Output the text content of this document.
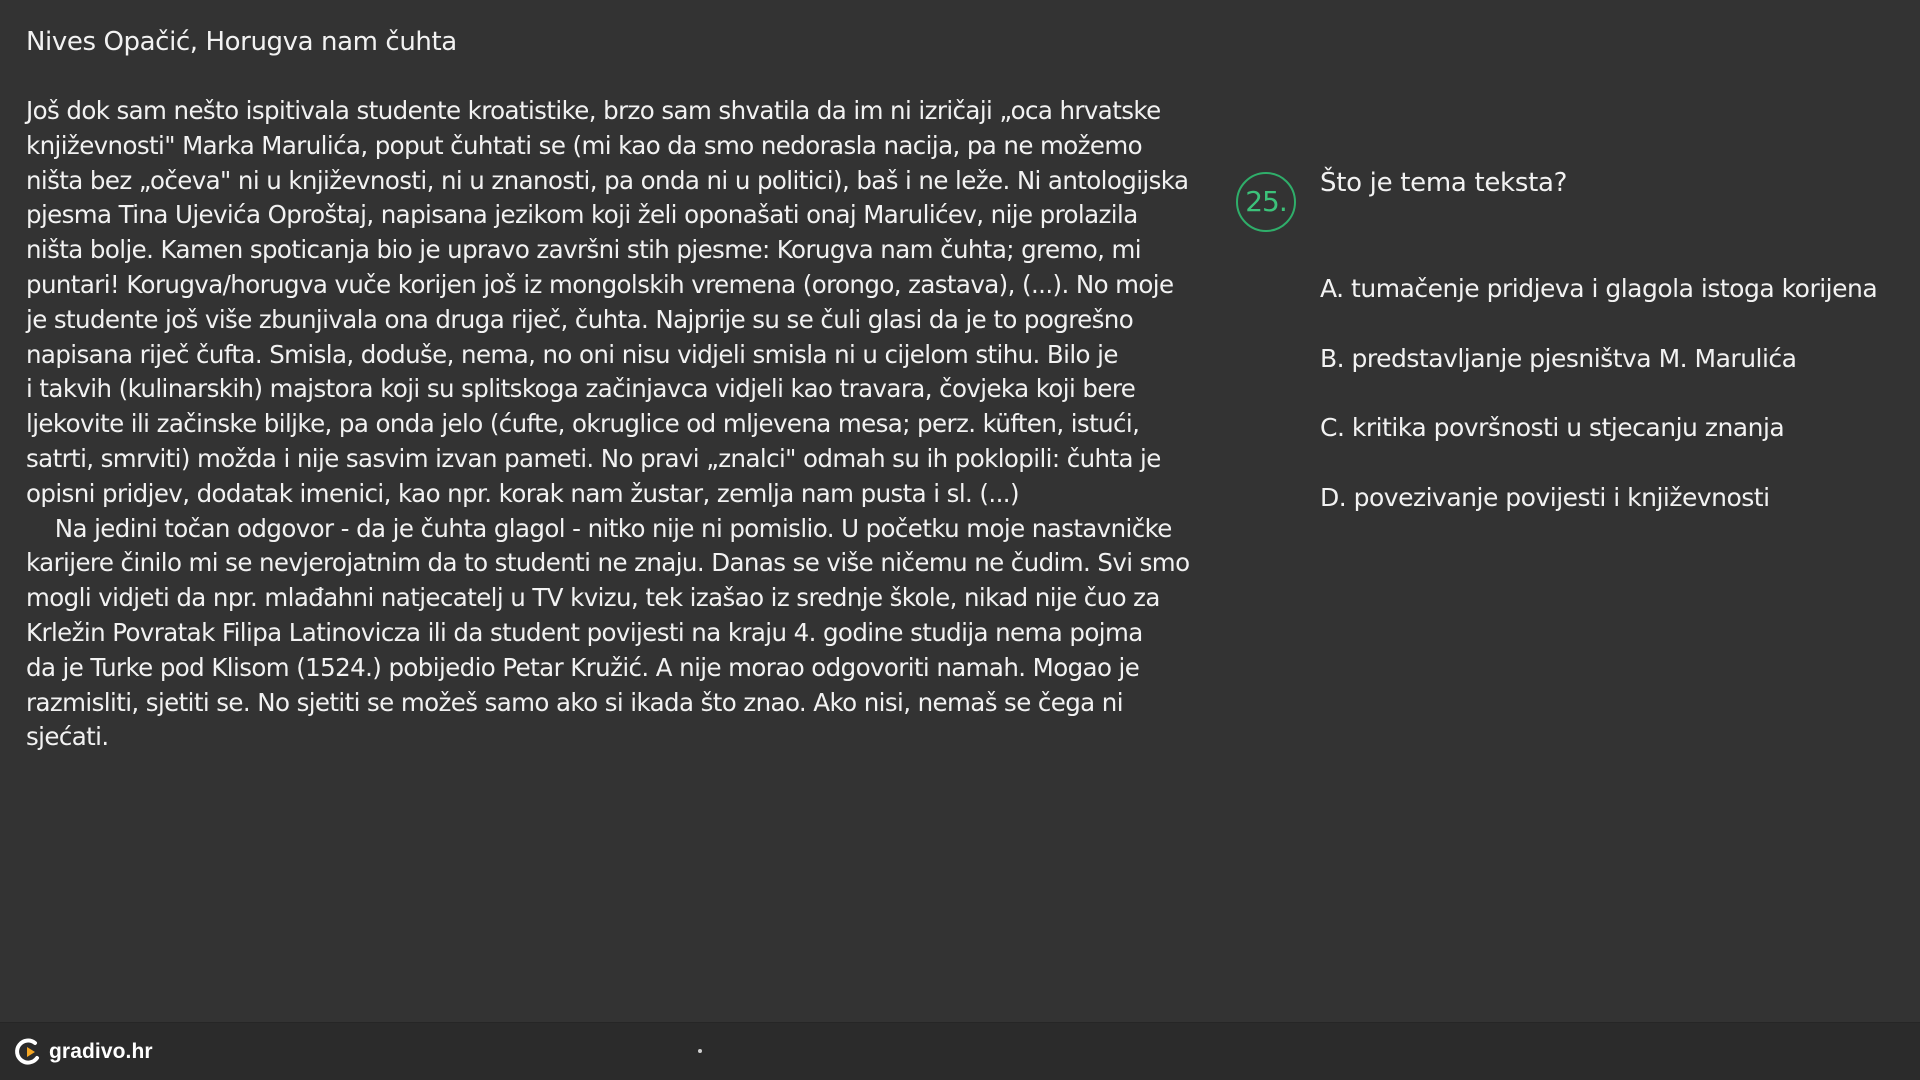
Nives Opačić, Horugva nam čuhta
Još dok sam nešto ispitivala studente kroatistike, brzo sam shvatila da im ni izričaji „oca hrvatske
književnosti" Marka Marulića, poput čuhtati se (mi kao da smo nedorasla nacija, pa ne možemo
ništa bez „očeva" ni u književnosti, ni u znanosti, pa onda ni u politici), baš i ne leže. Ni antologijska
pjesma Tina Ujevića Oproštaj, napisana jezikom koji želi oponašati onaj Marulićev, nije prolazila
ništa bolje. Kamen spoticanja bio je upravo završni stih pjesme: Korugva nam čuhta; gremo, mi
puntari! Korugva/horugva vuče korijen još iz mongolskih vremena (orongo, zastava), (...). No moje
je studente još više zbunjivala ona druga riječ, čuhta. Najprije su se čuli glasi da je to pogrešno
napisana riječ čufta. Smisla, doduše, nema, no oni nisu vidjeli smisla ni u cijelom stihu. Bilo je
i takvih (kulinarskih) majstora koji su splitskoga začinjavca vidjeli kao travara, čovjeka koji bere
ljekovite ili začinske biljke, pa onda jelo (ćufte, okruglice od mljevena mesa; perz. küften, istući,
satrti, smrviti) možda i nije sasvim izvan pameti. No pravi „znalci" odmah su ih poklopili: čuhta je
opisni pridjev, dodatak imenici, kao npr. korak nam žustar, zemlja nam pusta i sl. (...)
Na jedini točan odgovor - da je čuhta glagol - nitko nije ni pomislio. U početku moje nastavničke
karijere činilo mi se nevjerojatnim da to studenti ne znaju. Danas se više ničemu ne čudim. Svi smo
mogli vidjeti da npr. mlađahni natjecatelj u TV kvizu, tek izašao iz srednje škole, nikad nije čuo za
Krležin Povratak Filipa Latinovicza ili da student povijesti na kraju 4. godine studija nema pojma
da je Turke pod Klisom (1524.) pobijedio Petar Kružić. A nije morao odgovoriti namah. Mogao je
razmisliti, sjetiti se. No sjetiti se možeš samo ako si ikada što znao. Ako nisi, nemaš se čega ni
sjećati.
25.
Što je tema teksta?
A. tumačenje pridjeva i glagola istoga korijena
B. predstavljanje pjesništva M. Marulića
C. kritika površnosti u stjecanju znanja
D. povezivanje povijesti i književnosti
gradivo.hr
